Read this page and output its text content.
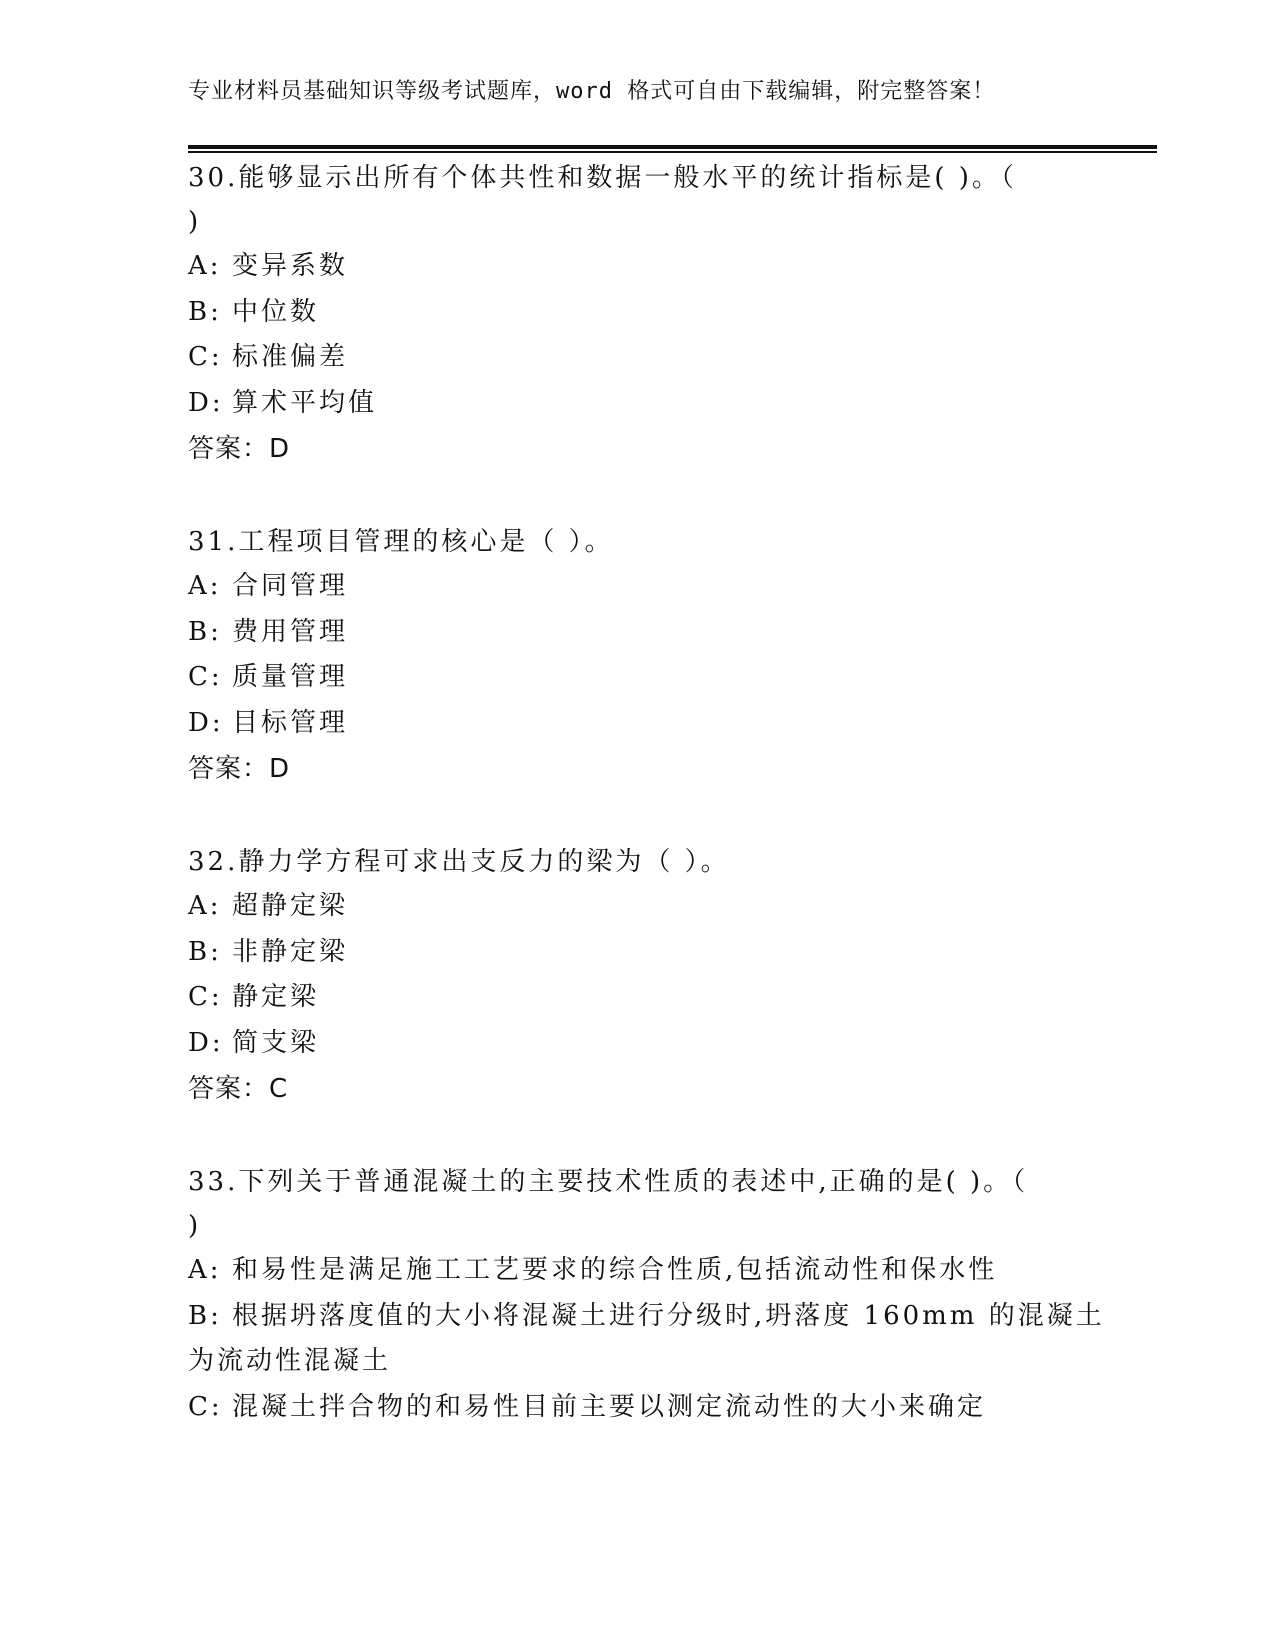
专业材料员基础知识等级考试题库，word 格式可自由下载编辑，附完整答案！
30.能够显示出所有个体共性和数据一般水平的统计指标是( )。（
)
A: 变异系数
B: 中位数
C: 标准偏差
D: 算术平均值
答案：D
31.工程项目管理的核心是（ ）。
A: 合同管理
B: 费用管理
C: 质量管理
D: 目标管理
答案：D
32.静力学方程可求出支反力的梁为（ ）。
A: 超静定梁
B: 非静定梁
C: 静定梁
D: 简支梁
答案：C
33.下列关于普通混凝土的主要技术性质的表述中,正确的是( )。（
)
A: 和易性是满足施工工艺要求的综合性质,包括流动性和保水性
B: 根据坍落度值的大小将混凝土进行分级时,坍落度 160mm 的混凝土
为流动性混凝土
C: 混凝土拌合物的和易性目前主要以测定流动性的大小来确定
